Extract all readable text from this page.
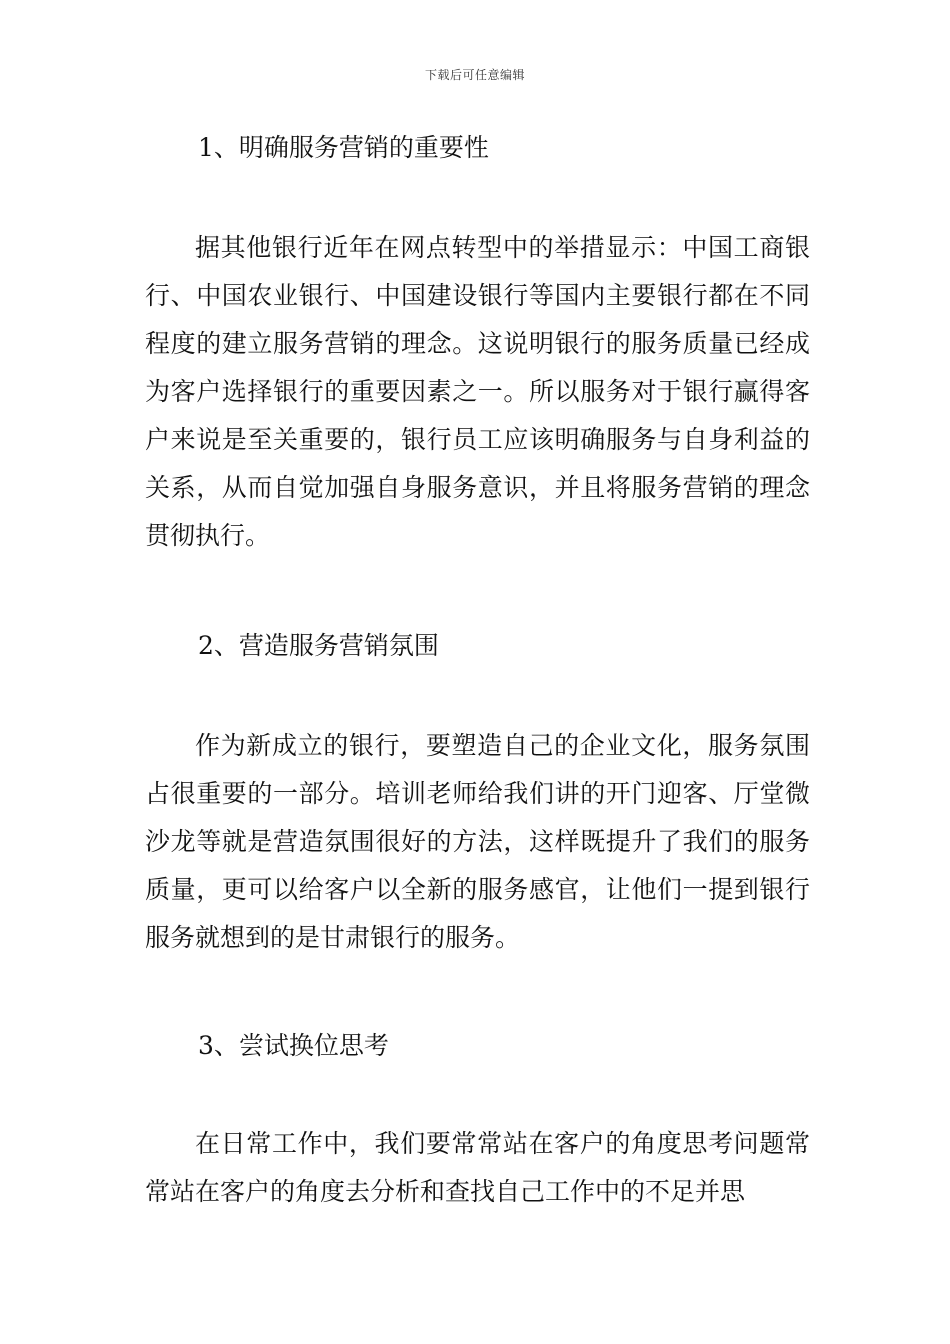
下载后可任意编辑
1、明确服务营销的重要性
据其他银行近年在网点转型中的举措显示：中国工商银行、中国农业银行、中国建设银行等国内主要银行都在不同程度的建立服务营销的理念。这说明银行的服务质量已经成为客户选择银行的重要因素之一。所以服务对于银行赢得客户来说是至关重要的，银行员工应该明确服务与自身利益的关系，从而自觉加强自身服务意识，并且将服务营销的理念贯彻执行。
2、营造服务营销氛围
作为新成立的银行，要塑造自己的企业文化，服务氛围占很重要的一部分。培训老师给我们讲的开门迎客、厅堂微沙龙等就是营造氛围很好的方法，这样既提升了我们的服务质量，更可以给客户以全新的服务感官，让他们一提到银行服务就想到的是甘肃银行的服务。
3、尝试换位思考
在日常工作中，我们要常常站在客户的角度思考问题常常站在客户的角度去分析和查找自己工作中的不足并思
